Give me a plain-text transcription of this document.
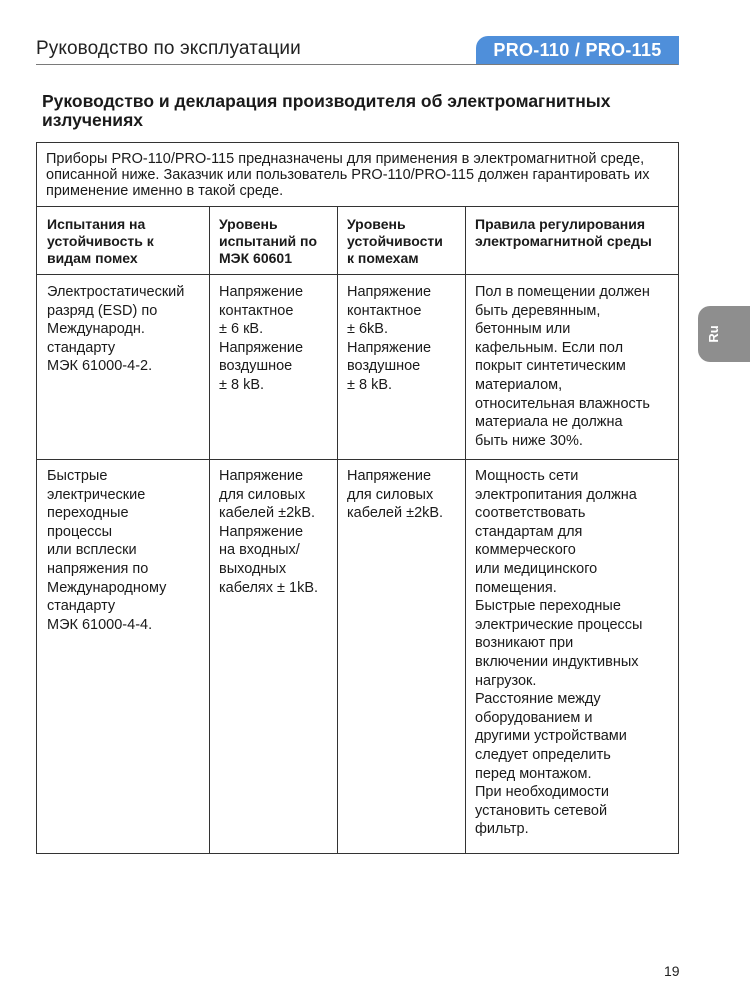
Руководство по эксплуатации	PRO-110 / PRO-115
Ru
Руководство и декларация производителя об электромагнитных излучениях
Приборы PRO-110/PRO-115 предназначены для применения в электромагнитной среде, описанной ниже. Заказчик или пользователь PRO-110/PRO-115 должен гарантировать их применение именно в такой среде.
Испытания на
устойчивость к
видам помех
Уровень
испытаний по
МЭК 60601
Уровень
устойчивости
к помехам
Правила регулирования
электромагнитной среды
Электростатический
разряд (ESD) по
Международн.
стандарту
МЭК 61000-4-2.
Напряжение
контактное
± 6 кВ.
Напряжение
воздушное
± 8 kВ.
Напряжение
контактное
± 6kВ.
Напряжение
воздушное
± 8 kВ.
Пол в помещении должен
быть деревянным,
бетонным или
кафельным. Если пол
покрыт синтетическим
материалом,
относительная влажность
материала не должна
быть ниже 30%.
Быстрые
электрические
переходные
процессы
или всплески
напряжения по
Международному
стандарту
МЭК 61000-4-4.
Напряжение
для силовых
кабелей ±2kВ.
Напряжение
на входных/
выходных
кабелях ± 1kВ.
Напряжение
для силовых
кабелей ±2kВ.
Мощность сети
электропитания должна
соответствовать
стандартам для
коммерческого
или медицинского
помещения.
Быстрые переходные
электрические процессы
возникают при
включении индуктивных
нагрузок.
Расстояние между
оборудованием и
другими устройствами
следует определить
перед монтажом.
При необходимости
установить сетевой
фильтр.
19
